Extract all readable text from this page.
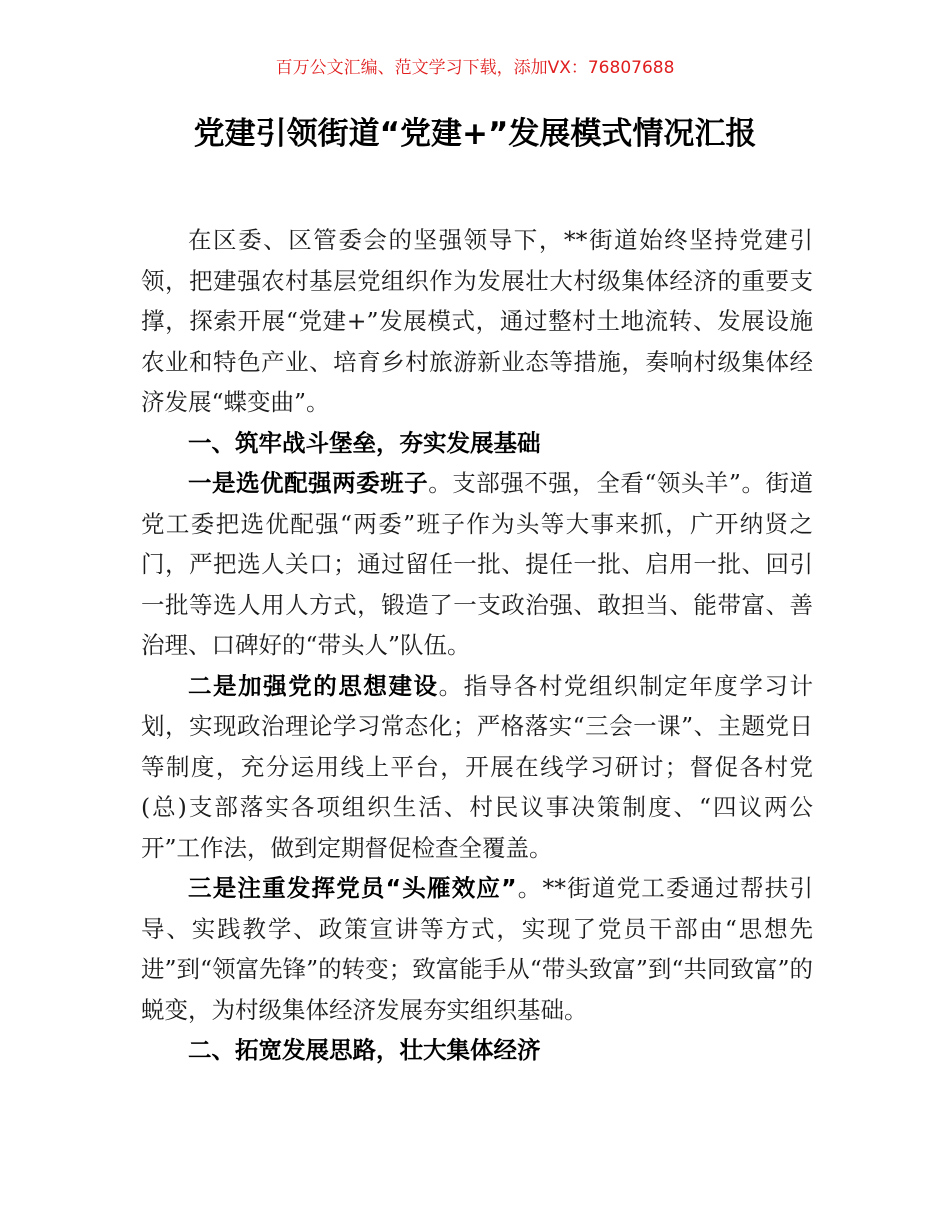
百万公文汇编、范文学习下载，添加VX：76807688
党建引领街道“党建+”发展模式情况汇报

在区委、区管委会的坚强领导下，**街道始终坚持党建引领，把建强农村基层党组织作为发展壮大村级集体经济的重要支撑，探索开展“党建+”发展模式，通过整村土地流转、发展设施农业和特色产业、培育乡村旅游新业态等措施，奏响村级集体经济发展“蝶变曲”。

一、筑牢战斗堡垒，夯实发展基础

一是选优配强两委班子。支部强不强，全看“领头羊”。街道党工委把选优配强“两委”班子作为头等大事来抓，广开纳贤之门，严把选人关口；通过留任一批、提任一批、启用一批、回引一批等选人用人方式，锻造了一支政治强、敢担当、能带富、善治理、口碑好的“带头人”队伍。

二是加强党的思想建设。指导各村党组织制定年度学习计划，实现政治理论学习常态化；严格落实“三会一课”、主题党日等制度，充分运用线上平台，开展在线学习研讨；督促各村党(总)支部落实各项组织生活、村民议事决策制度、“四议两公开”工作法，做到定期督促检查全覆盖。

三是注重发挥党员“头雁效应”。**街道党工委通过帮扶引导、实践教学、政策宣讲等方式，实现了党员干部由“思想先进”到“领富先锋”的转变；致富能手从“带头致富”到“共同致富”的蜕变，为村级集体经济发展夯实组织基础。

二、拓宽发展思路，壮大集体经济
